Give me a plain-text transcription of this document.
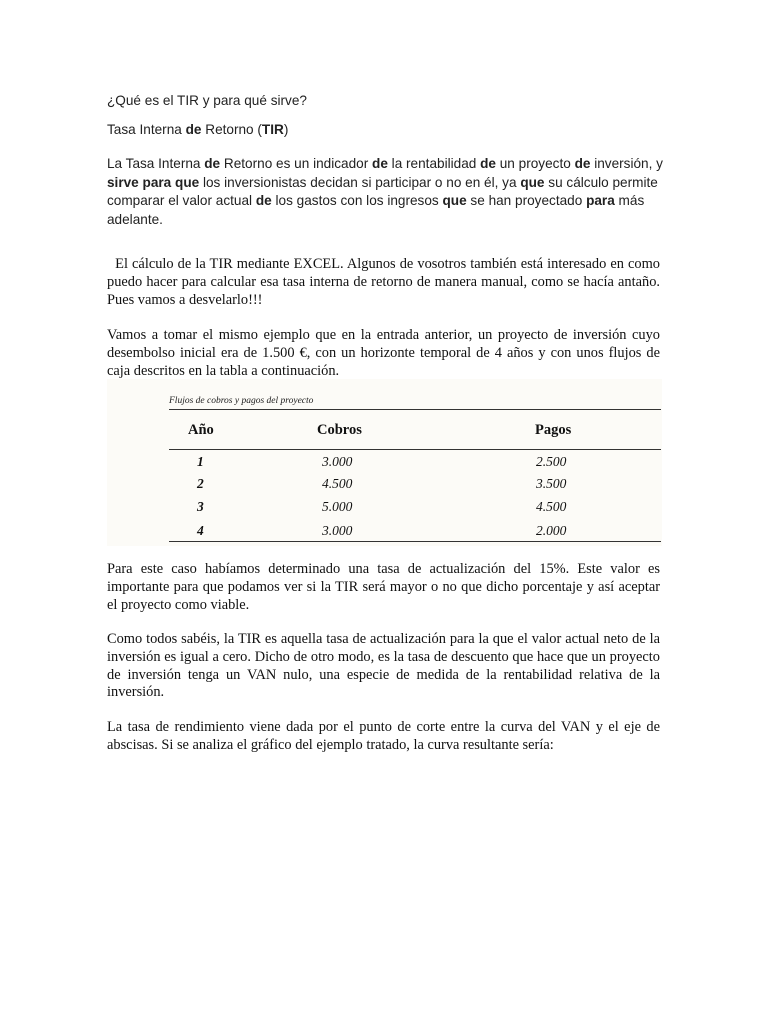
¿Qué es el TIR y para qué sirve?
Tasa Interna de Retorno (TIR)
La Tasa Interna de Retorno es un indicador de la rentabilidad de un proyecto de inversión, y sirve para que los inversionistas decidan si participar o no en él, ya que su cálculo permite comparar el valor actual de los gastos con los ingresos que se han proyectado para más adelante.
El cálculo de la TIR mediante EXCEL. Algunos de vosotros también está interesado en como puedo hacer para calcular esa tasa interna de retorno de manera manual, como se hacía antaño. Pues vamos a desvelarlo!!!
Vamos a tomar el mismo ejemplo que en la entrada anterior, un proyecto de inversión cuyo desembolso inicial era de 1.500 €, con un horizonte temporal de 4 años y con unos flujos de caja descritos en la tabla a continuación.
Flujos de cobros y pagos del proyecto
Año	Cobros	Pagos
1	3.000	2.500
2	4.500	3.500
3	5.000	4.500
4	3.000	2.000
Para este caso habíamos determinado una tasa de actualización del 15%. Este valor es importante para que podamos ver si la TIR será mayor o no que dicho porcentaje y así aceptar el proyecto como viable.
Como todos sabéis, la TIR es aquella tasa de actualización para la que el valor actual neto de la inversión es igual a cero. Dicho de otro modo, es la tasa de descuento que hace que un proyecto de inversión tenga un VAN nulo, una especie de medida de la rentabilidad relativa de la inversión.
La tasa de rendimiento viene dada por el punto de corte entre la curva del VAN y el eje de abscisas. Si se analiza el gráfico del ejemplo tratado, la curva resultante sería:
